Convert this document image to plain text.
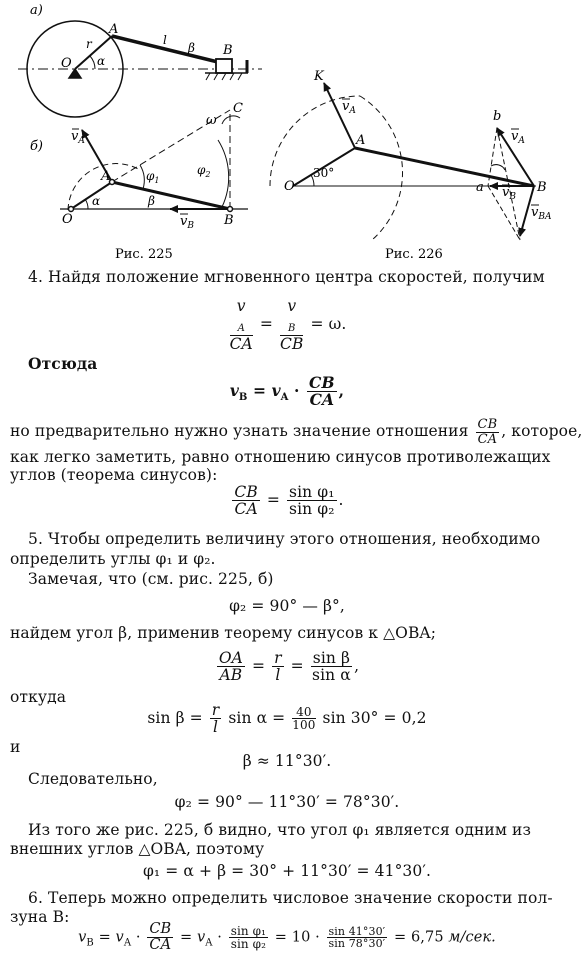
а)
O
r
A
l
β B
α
б)
$v_A$
A
O
α
$\varphi_1$
$\varphi_2$
β
$v_B$ B
ω
C
Рис. 225
K
$v_A$
A
30°
O
b
$v_A$
a $v_B$
B
$v_{BA}$
Рис. 226
4. Найдя положение мгновенного центра скоростей, получим
v
$_A$
CA = v
$_B$
CB = ω.
Отсюда
$v_B = v_A \cdot \frac{CB}{CA}$ ,
но предварительно нужно узнать значение отношения $\frac{CB}{CA}$ , которое,
как легко заметить, равно отношению синусов противолежащих
углов (теорема синусов):
$\frac{CB}{CA} = \frac{\text{sin φ₁}}{\text{sin φ₂}}$ .
5. Чтобы определить величину этого отношения, необходимо
определить углы φ₁ и φ₂.
Замечая, что (см. рис. 225, б)
φ₂ = 90° — β°,
найдем угол β, применив теорему синусов к △OBA;
$\frac{OA}{AB} = \frac{r}{l} = \frac{\text{sin β}}{\text{sin α}}$ ,
откуда
$\sin \beta = \frac{r}{l}$ $\sin \alpha = \frac{40}{100}$ sin 30° = 0,2
и
β ≈ 11°30′.
Следовательно,
φ₂ = 90° — 11°30′ = 78°30′.
Из того же рис. 225, б видно, что угол φ₁ является одним из
внешних углов △OBA, поэтому
φ₁ = α + β = 30° + 11°30′ = 41°30′.
6. Теперь можно определить числовое значение скорости пол-
зуна B:
$v_B = v_A \cdot \frac{CB}{CA} = v_A \cdot \frac{\text{sin φ₁}}{\text{sin φ₂}} = 10 \cdot \frac{\sin 41^\circ 30'}{\sin 78^\circ 30'} = 6,75$ м/сек.
